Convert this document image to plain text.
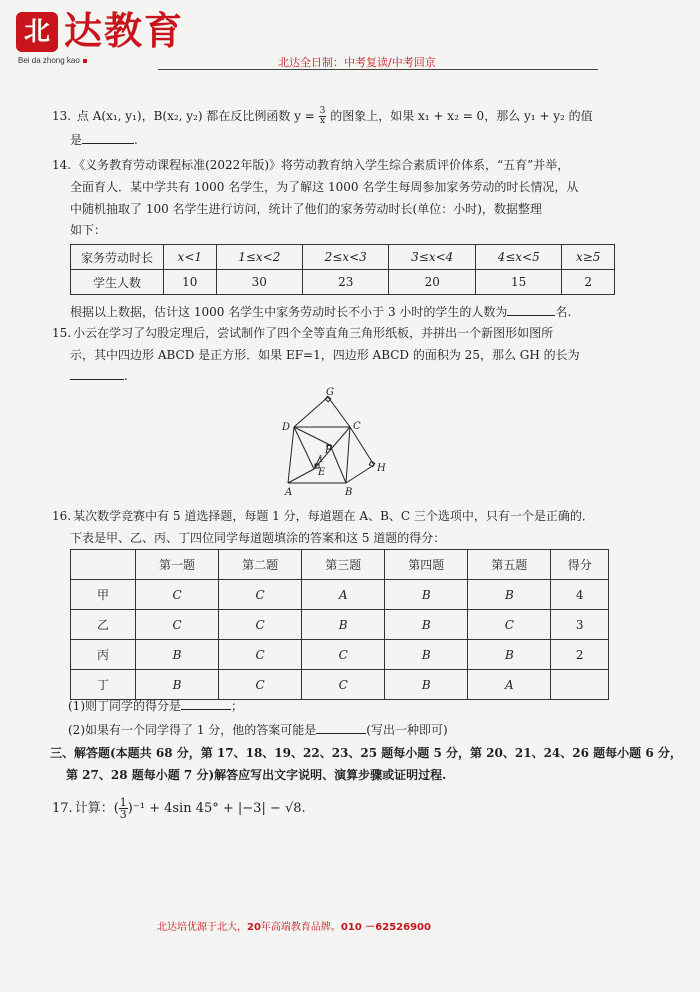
北 达教育
Bei da zhong kao	北达全日制：中考复读/中考回京
13. 点 A(x₁, y₁)，B(x₂, y₂) 都在反比例函数 $y = \frac{3}{x}$ 的图象上，如果 x₁ + x₂ = 0，那么 y₁ + y₂ 的值
是	.
14. 《义务教育劳动课程标准(2022年版)》将劳动教育纳入学生综合素质评价体系，“五育”并举，
全面育人．某中学共有 1000 名学生，为了解这 1000 名学生每周参加家务劳动的时长情况，从
中随机抽取了 100 名学生进行访问，统计了他们的家务劳动时长(单位：小时)，数据整理
如下：
家务劳动时长	x<1	1≤x<2	2≤x<3	3≤x<4	4≤x<5	x≥5
学生人数	10	30	23	20	15	2
根据以上数据，估计这 1000 名学生中家务劳动时长不小于 3 小时的学生的人数为	名.
15. 小云在学习了勾股定理后，尝试制作了四个全等直角三角形纸板，并拼出一个新图形如图所
示，其中四边形 ABCD 是正方形．如果 EF=1，四边形 ABCD 的面积为 25，那么 GH 的长为
.
G
D	C
F
E	H
A	B
1
16. 某次数学竞赛中有 5 道选择题，每题 1 分，每道题在 A、B、C 三个选项中，只有一个是正确的．
下表是甲、乙、丙、丁四位同学每道题填涂的答案和这 5 道题的得分：
	第一题	第二题	第三题	第四题	第五题	得分
甲	C	C	A	B	B	4
乙	C	C	B	B	C	3
丙	B	C	C	B	B	2
丁	B	C	C	B	A	
(1)则丁同学的得分是	；
(2)如果有一个同学得了 1 分，他的答案可能是	(写出一种即可)
三、解答题(本题共 68 分，第 17、18、19、22、23、25 题每小题 5 分，第 20、21、24、26 题每小题 6 分，
第 27、28 题每小题 7 分)解答应写出文字说明、演算步骤或证明过程.
17. 计算：( $\frac{1}{3} )^{-1} + 4\sin$ 45° + |−3| − √8.
北达培优源于北大，20年高端教育品牌。010 －62526900
